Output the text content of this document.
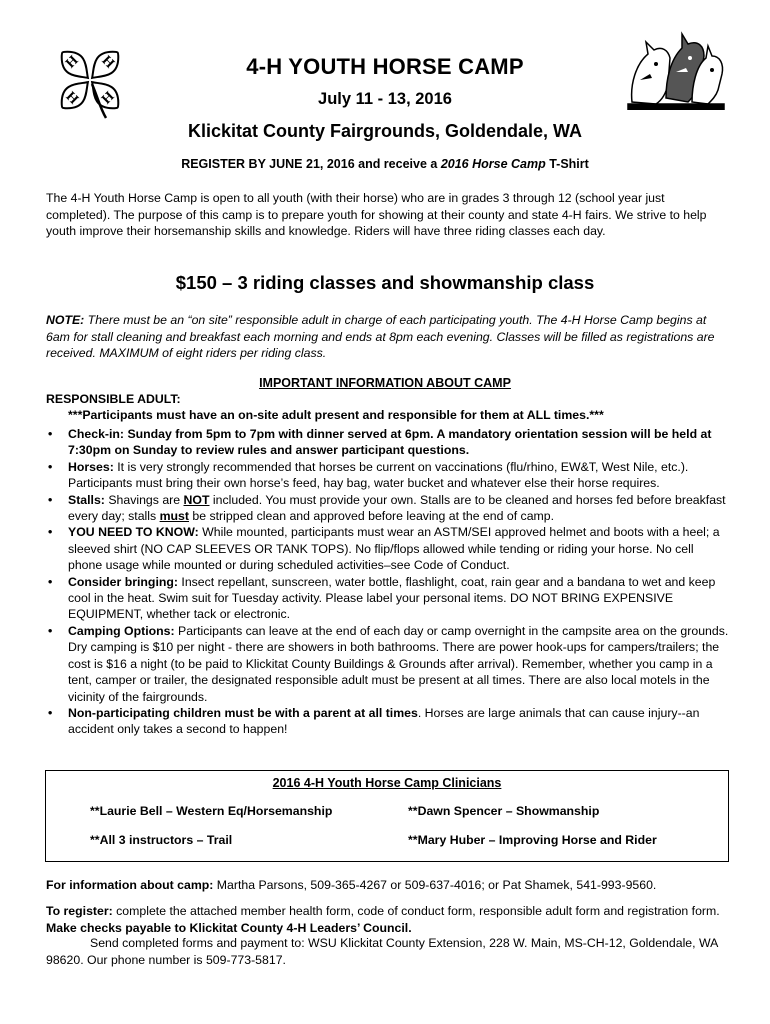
H H
H H
4-H YOUTH HORSE CAMP
July 11 - 13, 2016
Klickitat County Fairgrounds, Goldendale, WA
REGISTER BY JUNE 21, 2016 and receive a 2016 Horse Camp T-Shirt
The 4-H Youth Horse Camp is open to all youth (with their horse) who are in grades 3 through 12 (school year just completed). The purpose of this camp is to prepare youth for showing at their county and state 4-H fairs. We strive to help youth improve their horsemanship skills and knowledge. Riders will have three riding classes each day.
$150 – 3 riding classes and showmanship class
NOTE: There must be an “on site” responsible adult in charge of each participating youth. The 4-H Horse Camp begins at 6am for stall cleaning and breakfast each morning and ends at 8pm each evening. Classes will be filled as registrations are received. MAXIMUM of eight riders per riding class.
IMPORTANT INFORMATION ABOUT CAMP
RESPONSIBLE ADULT:
***Participants must have an on-site adult present and responsible for them at ALL times.***
• Check-in: Sunday from 5pm to 7pm with dinner served at 6pm. A mandatory orientation session will be held at 7:30pm on Sunday to review rules and answer participant questions.
• Horses: It is very strongly recommended that horses be current on vaccinations (flu/rhino, EW&T, West Nile, etc.). Participants must bring their own horse’s feed, hay bag, water bucket and whatever else their horse requires.
• Stalls: Shavings are NOT included. You must provide your own. Stalls are to be cleaned and horses fed before breakfast every day; stalls must be stripped clean and approved before leaving at the end of camp.
• YOU NEED TO KNOW: While mounted, participants must wear an ASTM/SEI approved helmet and boots with a heel; a sleeved shirt (NO CAP SLEEVES OR TANK TOPS). No flip/flops allowed while tending or riding your horse. No cell phone usage while mounted or during scheduled activities–see Code of Conduct.
• Consider bringing: Insect repellant, sunscreen, water bottle, flashlight, coat, rain gear and a bandana to wet and keep cool in the heat. Swim suit for Tuesday activity. Please label your personal items. DO NOT BRING EXPENSIVE EQUIPMENT, whether tack or electronic.
• Camping Options: Participants can leave at the end of each day or camp overnight in the campsite area on the grounds. Dry camping is $10 per night - there are showers in both bathrooms. There are power hook-ups for campers/trailers; the cost is $16 a night (to be paid to Klickitat County Buildings & Grounds after arrival). Remember, whether you camp in a tent, camper or trailer, the designated responsible adult must be present at all times. There are also local motels in the vicinity of the fairgrounds.
• Non-participating children must be with a parent at all times. Horses are large animals that can cause injury--an accident only takes a second to happen!
2016 4-H Youth Horse Camp Clinicians
**Laurie Bell – Western Eq/Horsemanship	**Dawn Spencer – Showmanship
**All 3 instructors – Trail	**Mary Huber – Improving Horse and Rider
For information about camp: Martha Parsons, 509-365-4267 or 509-637-4016; or Pat Shamek, 541-993-9560.
To register: complete the attached member health form, code of conduct form, responsible adult form and registration form. Make checks payable to Klickitat County 4-H Leaders’ Council.
Send completed forms and payment to: WSU Klickitat County Extension, 228 W. Main, MS-CH-12, Goldendale, WA 98620. Our phone number is 509-773-5817.
